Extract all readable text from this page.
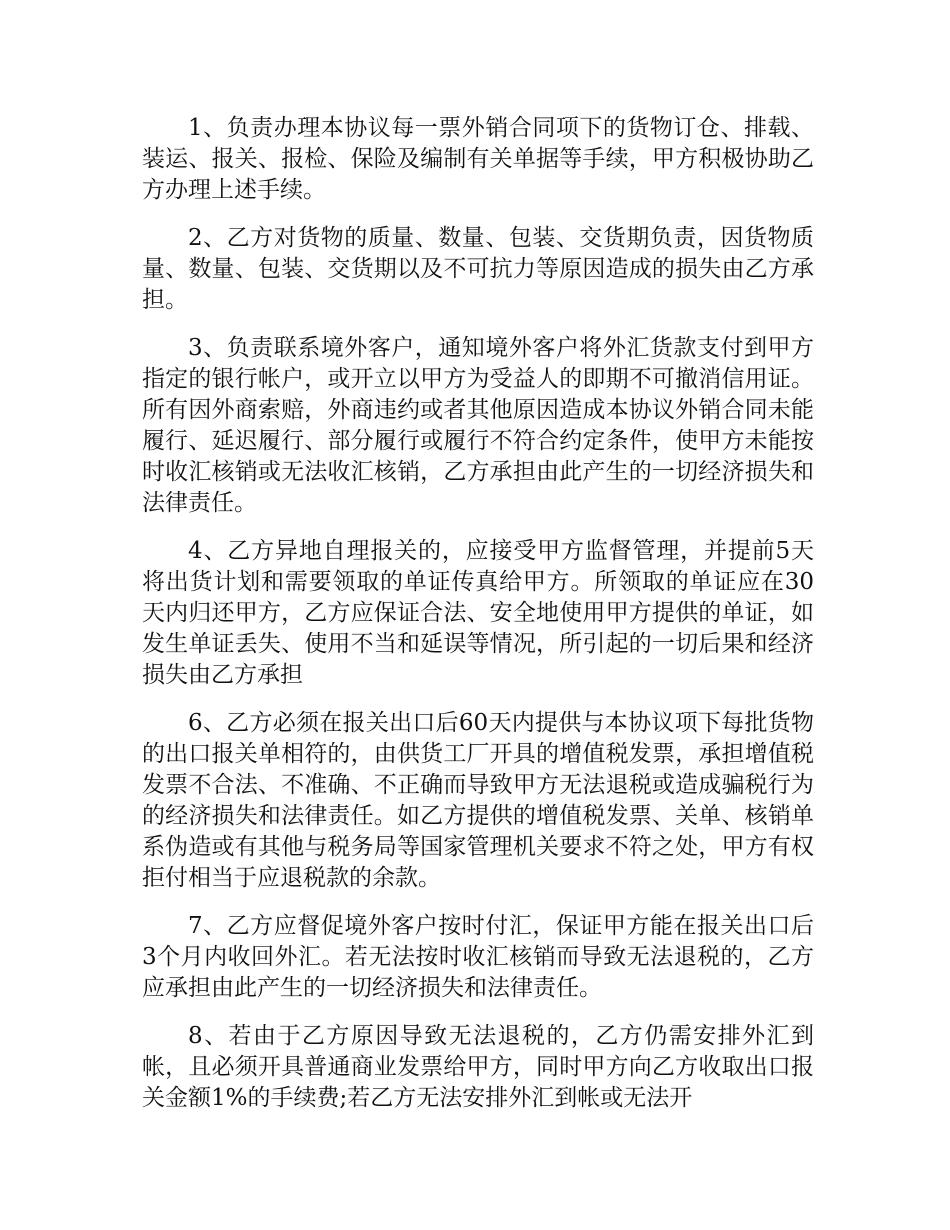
1、负责办理本协议每一票外销合同项下的货物订仓、排载、装运、报关、报检、保险及编制有关单据等手续，甲方积极协助乙方办理上述手续。

2、乙方对货物的质量、数量、包装、交货期负责，因货物质量、数量、包装、交货期以及不可抗力等原因造成的损失由乙方承担。

3、负责联系境外客户，通知境外客户将外汇货款支付到甲方指定的银行帐户，或开立以甲方为受益人的即期不可撤消信用证。所有因外商索赔，外商违约或者其他原因造成本协议外销合同未能履行、延迟履行、部分履行或履行不符合约定条件，使甲方未能按时收汇核销或无法收汇核销，乙方承担由此产生的一切经济损失和法律责任。

4、乙方异地自理报关的，应接受甲方监督管理，并提前5天将出货计划和需要领取的单证传真给甲方。所领取的单证应在30天内归还甲方，乙方应保证合法、安全地使用甲方提供的单证，如发生单证丢失、使用不当和延误等情况，所引起的一切后果和经济损失由乙方承担

6、乙方必须在报关出口后60天内提供与本协议项下每批货物的出口报关单相符的，由供货工厂开具的增值税发票，承担增值税发票不合法、不准确、不正确而导致甲方无法退税或造成骗税行为的经济损失和法律责任。如乙方提供的增值税发票、关单、核销单系伪造或有其他与税务局等国家管理机关要求不符之处，甲方有权拒付相当于应退税款的余款。

7、乙方应督促境外客户按时付汇，保证甲方能在报关出口后3个月内收回外汇。若无法按时收汇核销而导致无法退税的，乙方应承担由此产生的一切经济损失和法律责任。

8、若由于乙方原因导致无法退税的，乙方仍需安排外汇到帐，且必须开具普通商业发票给甲方，同时甲方向乙方收取出口报关金额1%的手续费;若乙方无法安排外汇到帐或无法开
